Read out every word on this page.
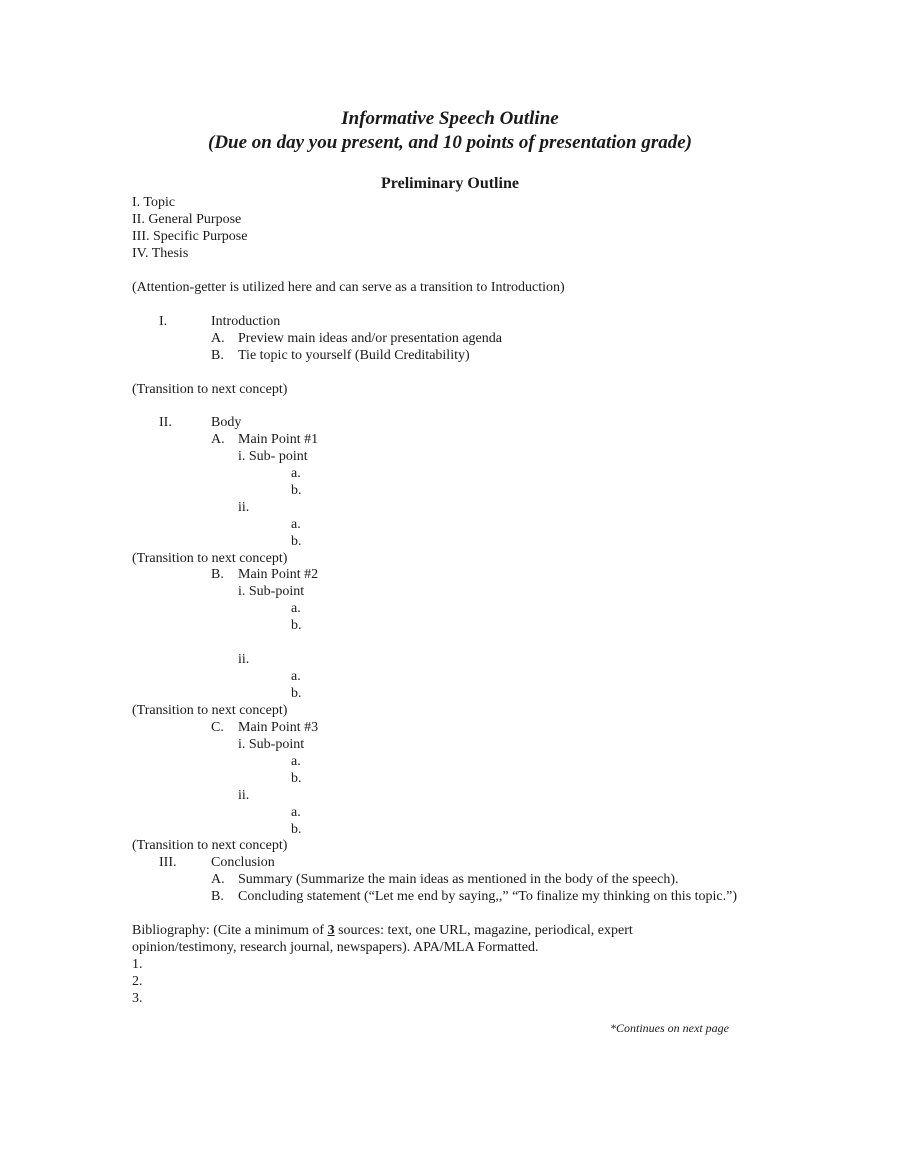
Informative Speech Outline
(Due on day you present, and 10 points of presentation grade)
Preliminary Outline
I. Topic
II. General Purpose
III. Specific Purpose
IV. Thesis
(Attention-getter is utilized here and can serve as a transition to Introduction)
I.	Introduction
A. Preview main ideas and/or presentation agenda
B. Tie topic to yourself (Build Creditability)
(Transition to next concept)
II.	Body
A. Main Point #1
i. Sub- point
a.
b.
ii.
a.
b.
(Transition to next concept)
B. Main Point #2
i. Sub-point
a.
b.
ii.
a.
b.
(Transition to next concept)
C. Main Point #3
i. Sub-point
a.
b.
ii.
a.
b.
(Transition to next concept)
III. Conclusion
A. Summary (Summarize the main ideas as mentioned in the body of the speech).
B. Concluding statement (“Let me end by saying,,” “To finalize my thinking on this topic.”)
Bibliography: (Cite a minimum of 3 sources: text, one URL, magazine, periodical, expert
opinion/testimony, research journal, newspapers). APA/MLA Formatted.
1.
2.
3.
*Continues on next page
